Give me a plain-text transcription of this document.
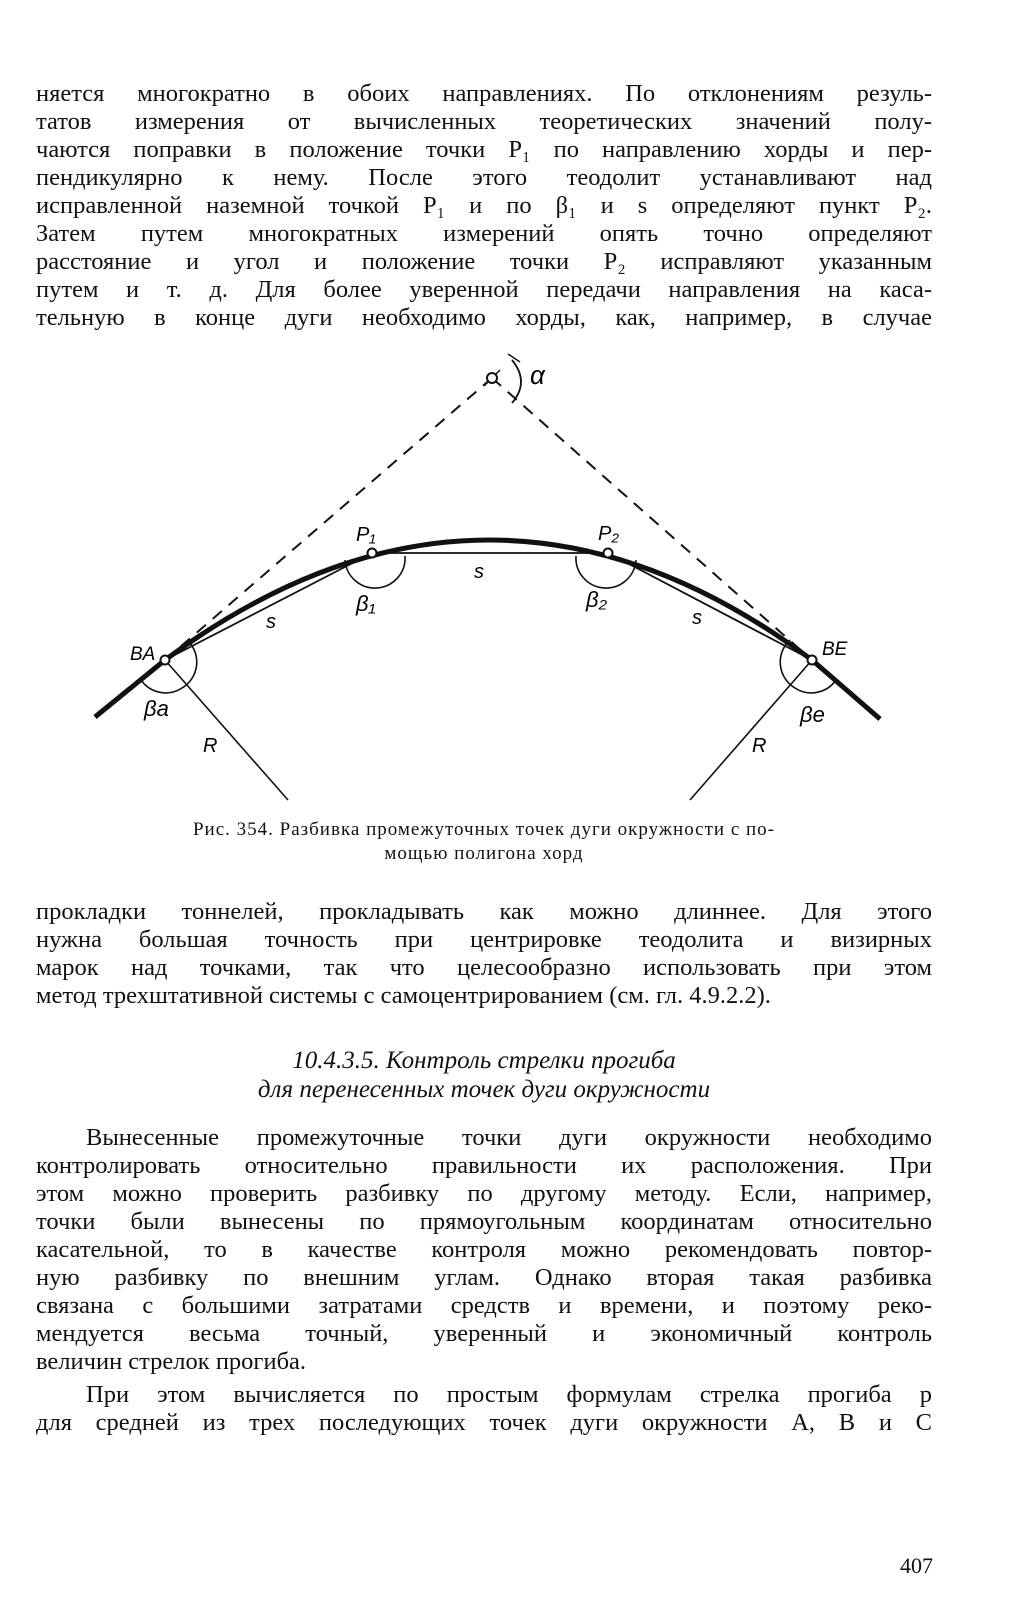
няется многократно в обоих направлениях. По отклонениям резуль-
татов измерения от вычисленных теоретических значений полу-
чаются поправки в положение точки P₁ по направлению хорды и пер-
пендикулярно к нему. После этого теодолит устанавливают над
исправленной наземной точкой P₁ и по β₁ и s определяют пункт P₂.
Затем путем многократных измерений опять точно определяют
расстояние и угол и положение точки P₂ исправляют указанным
путем и т. д. Для более уверенной передачи направления на каса-
тельную в конце дуги необходимо хорды, как, например, в случае
α
P₁	P₂
BA	BE
s
s
s
β₁	β₂
βa	βe
R	R
Рис. 354. Разбивка промежуточных точек дуги окружности с по-
мощью полигона хорд
прокладки тоннелей, прокладывать как можно длиннее. Для этого
нужна большая точность при центрировке теодолита и визирных
марок над точками, так что целесообразно использовать при этом
метод трехштативной системы с самоцентрированием (см. гл. 4.9.2.2).
10.4.3.5. Контроль стрелки прогиба
для перенесенных точек дуги окружности
Вынесенные промежуточные точки дуги окружности необходимо
контролировать относительно правильности их расположения. При
этом можно проверить разбивку по другому методу. Если, например,
точки были вынесены по прямоугольным координатам относительно
касательной, то в качестве контроля можно рекомендовать повтор-
ную разбивку по внешним углам. Однако вторая такая разбивка
связана с большими затратами средств и времени, и поэтому реко-
мендуется весьма точный, уверенный и экономичный контроль
величин стрелок прогиба.
При этом вычисляется по простым формулам стрелка прогиба p
для средней из трех последующих точек дуги окружности A, B и C
407
